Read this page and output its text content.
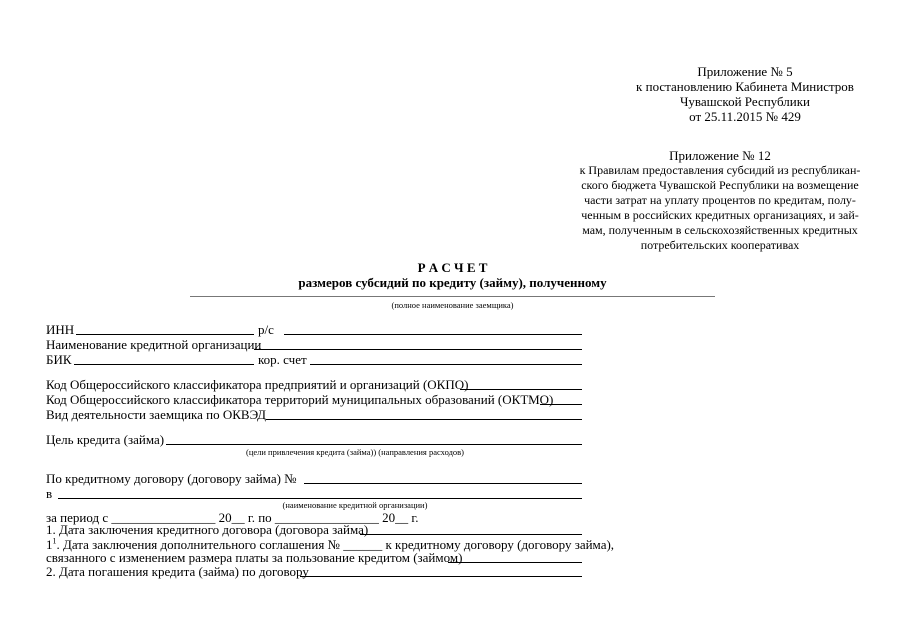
Приложение № 5
к постановлению Кабинета Министров
Чувашской Республики
от 25.11.2015 № 429
Приложение № 12
к Правилам предоставления субсидий из республикан-
ского бюджета Чувашской Республики на возмещение
части затрат на уплату процентов по кредитам, полу-
ченным в российских кредитных организациях, и зай-
мам, полученным в сельскохозяйственных кредитных
потребительских кооперативах
Р А С Ч Е Т
размеров субсидий по кредиту (займу), полученному
(полное наименование заемщика)
ИНН	р/с
Наименование кредитной организации
БИК	кор. счет
Код Общероссийского классификатора предприятий и организаций (ОКПО)
Код Общероссийского классификатора территорий муниципальных образований (ОКТМО)
Вид деятельности заемщика по ОКВЭД
Цель кредита (займа)
(цели привлечения кредита (займа)) (направления расходов)
По кредитному договору (договору займа) №
в
(наименование кредитной организации)
за период с ________________ 20__ г. по ________________ 20__ г.
1. Дата заключения кредитного договора (договора займа)
$1^1$. Дата заключения дополнительного соглашения № ______ к кредитному договору (договору займа),
связанного с изменением размера платы за пользование кредитом (займом)
2. Дата погашения кредита (займа) по договору
